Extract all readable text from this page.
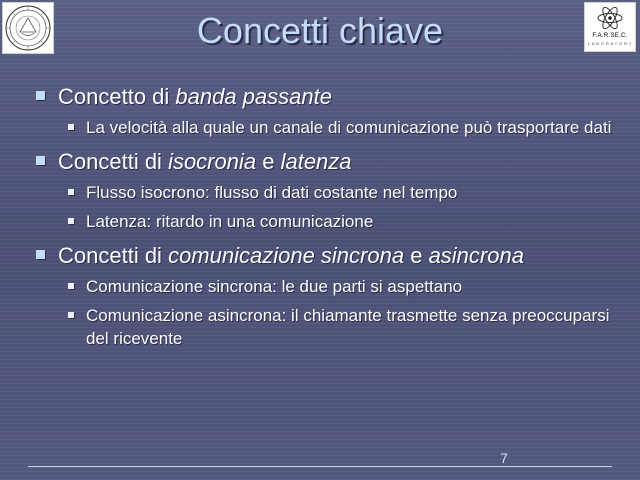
F.A.R.SE.C.
L A B O R A T O R Y
Concetti chiave
Concetto di banda passante
La velocità alla quale un canale di comunicazione può trasportare dati
Concetti di isocronia e latenza
Flusso isocrono: flusso di dati costante nel tempo
Latenza: ritardo in una comunicazione
Concetti di comunicazione sincrona e asincrona
Comunicazione sincrona: le due parti si aspettano
Comunicazione asincrona: il chiamante trasmette senza preoccuparsi del ricevente
7
